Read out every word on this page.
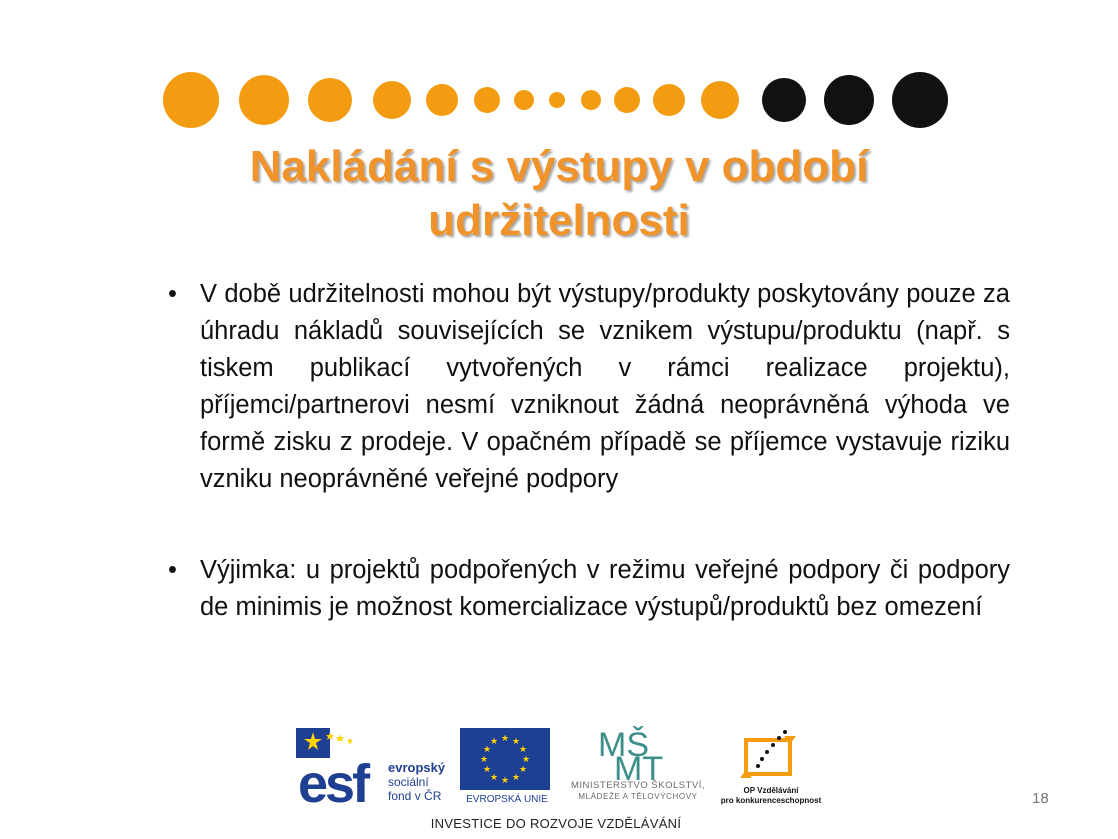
Nakládání s výstupy v období
udržitelnosti
• V době udržitelnosti mohou být výstupy/produkty poskytovány pouze za úhradu nákladů souvisejících se vznikem výstupu/produktu (např. s tiskem publikací vytvořených v rámci realizace projektu), příjemci/partnerovi nesmí vzniknout žádná neoprávněná výhoda ve formě zisku z prodeje. V opačném případě se příjemce vystavuje riziku vzniku neoprávněné veřejné podpory
• Výjimka: u projektů podpořených v režimu veřejné podpory či podpory de minimis je možnost komercializace výstupů/produktů bez omezení
esf	evropský
sociální
fond v ČR
★ ★
★
★
★
★
★
★
★
★
★
★
EVROPSKÁ UNIE
MŠ
MT
MINISTERSTVO ŠKOLSTVÍ,
MLÁDEŽE A TĚLOVÝCHOVY
OP Vzdělávání
pro konkurenceschopnost
INVESTICE DO ROZVOJE VZDĚLÁVÁNÍ
18
